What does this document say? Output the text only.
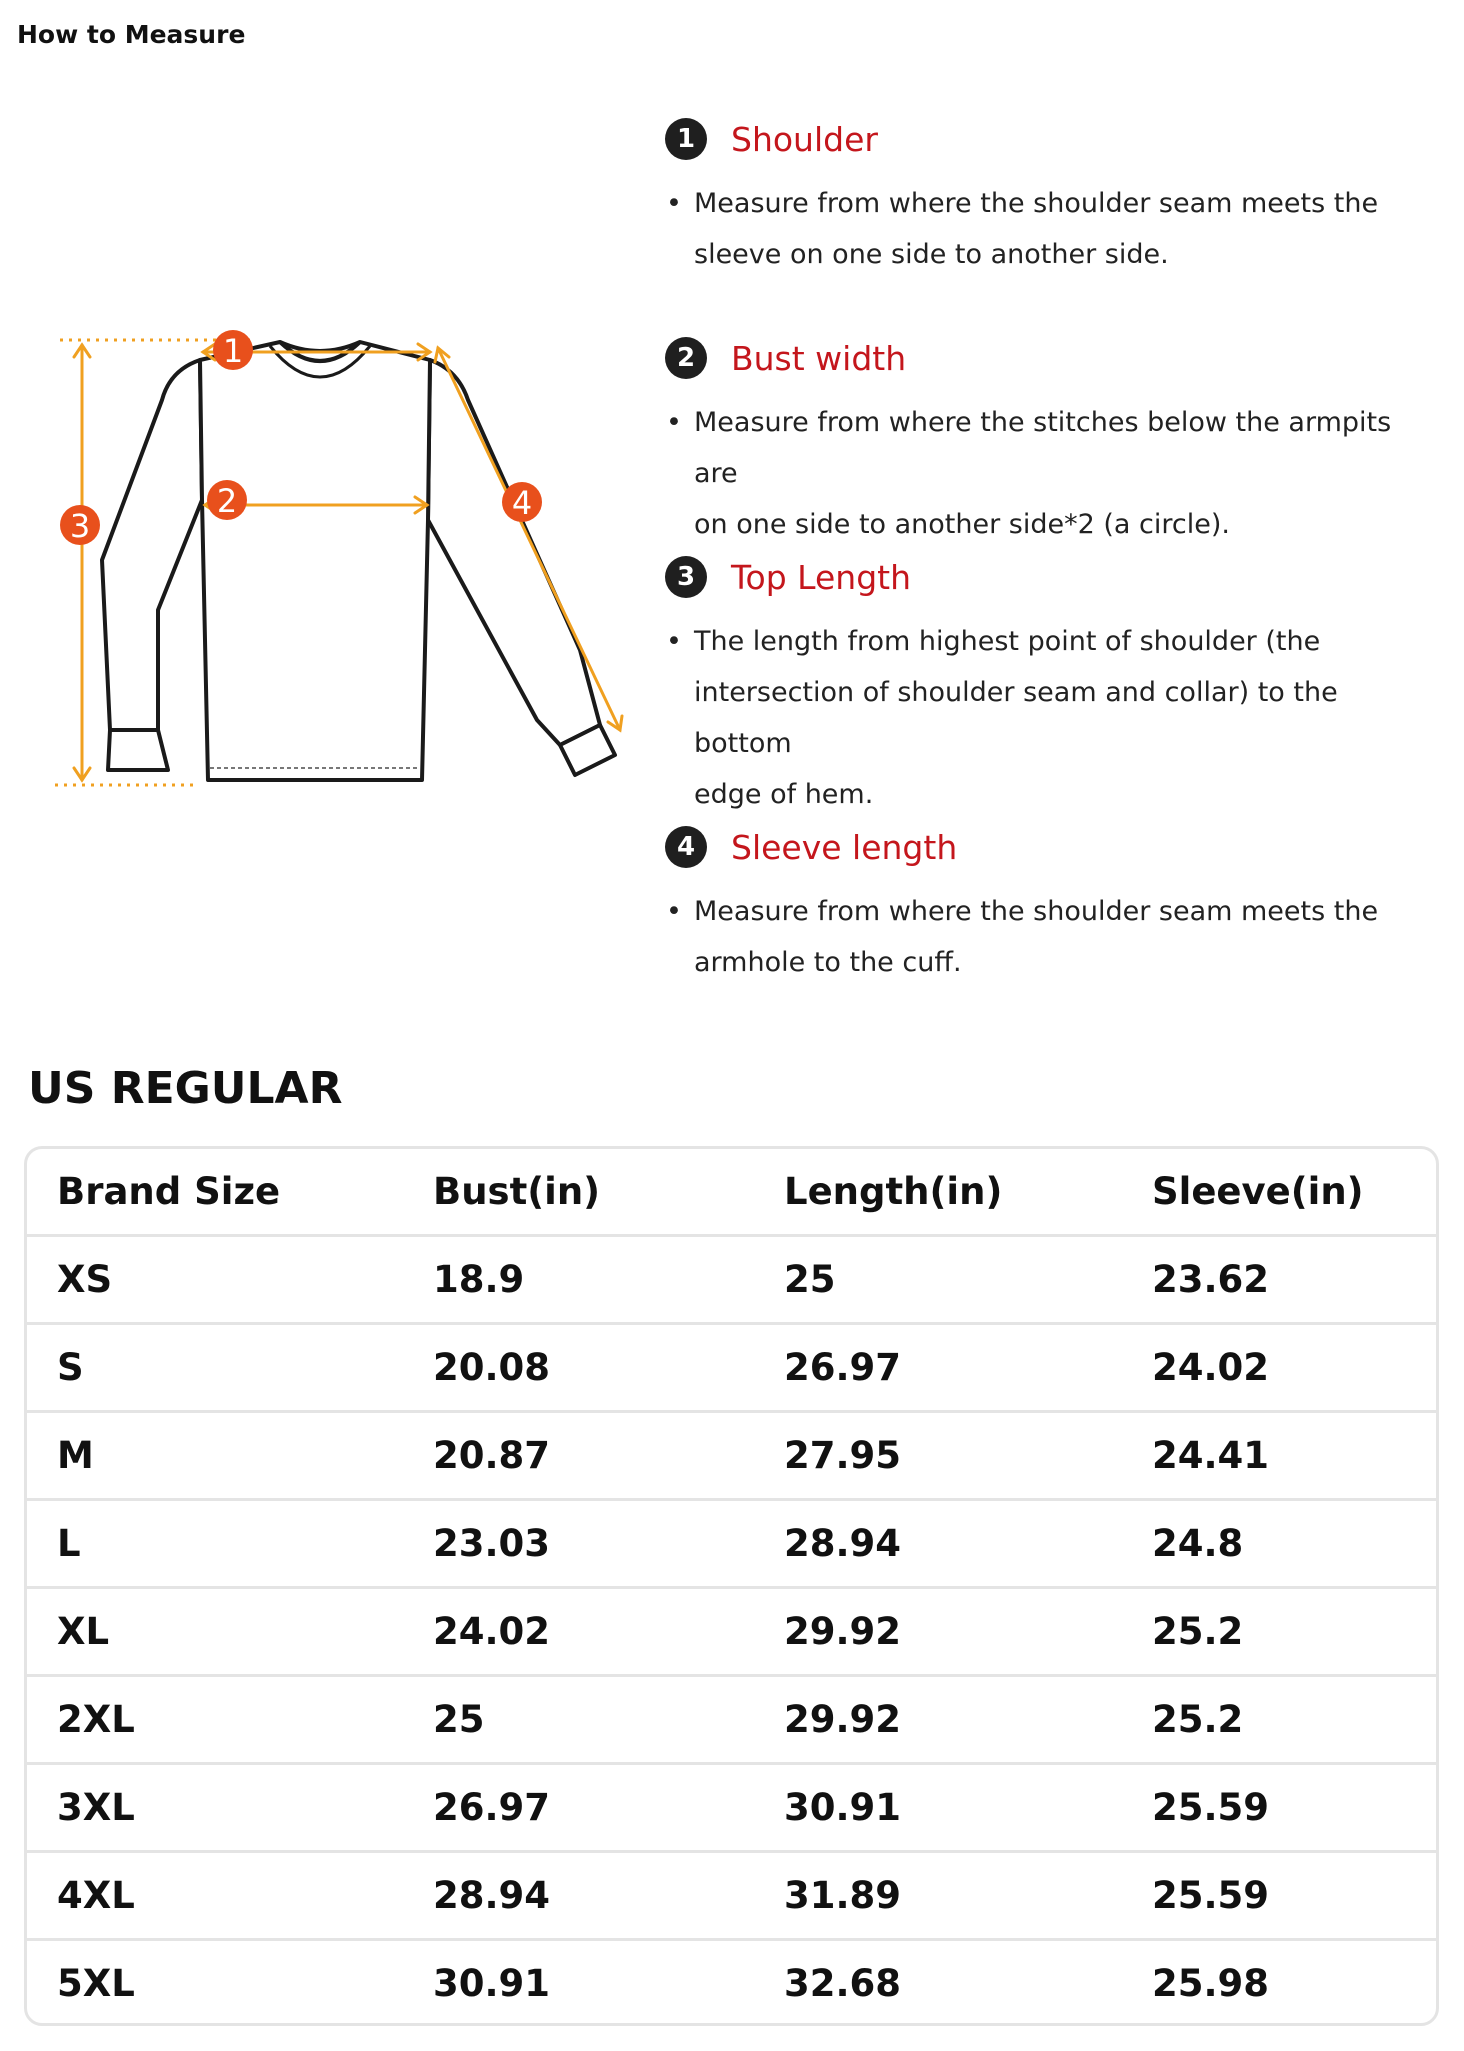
How to Measure
1
2
3
4
1	Shoulder
• Measure from where the shoulder seam meets the
sleeve on one side to another side.
2	Bust width
• Measure from where the stitches below the armpits are
on one side to another side*2 (a circle).
3	Top Length
• The length from highest point of shoulder (the
intersection of shoulder seam and collar) to the bottom
edge of hem.
4	Sleeve length
• Measure from where the shoulder seam meets the
armhole to the cuff.
US REGULAR
Brand Size	Bust(in)	Length(in)	Sleeve(in)
XS	18.9	25	23.62
S	20.08	26.97	24.02
M	20.87	27.95	24.41
L	23.03	28.94	24.8
XL	24.02	29.92	25.2
2XL	25	29.92	25.2
3XL	26.97	30.91	25.59
4XL	28.94	31.89	25.59
5XL	30.91	32.68	25.98
